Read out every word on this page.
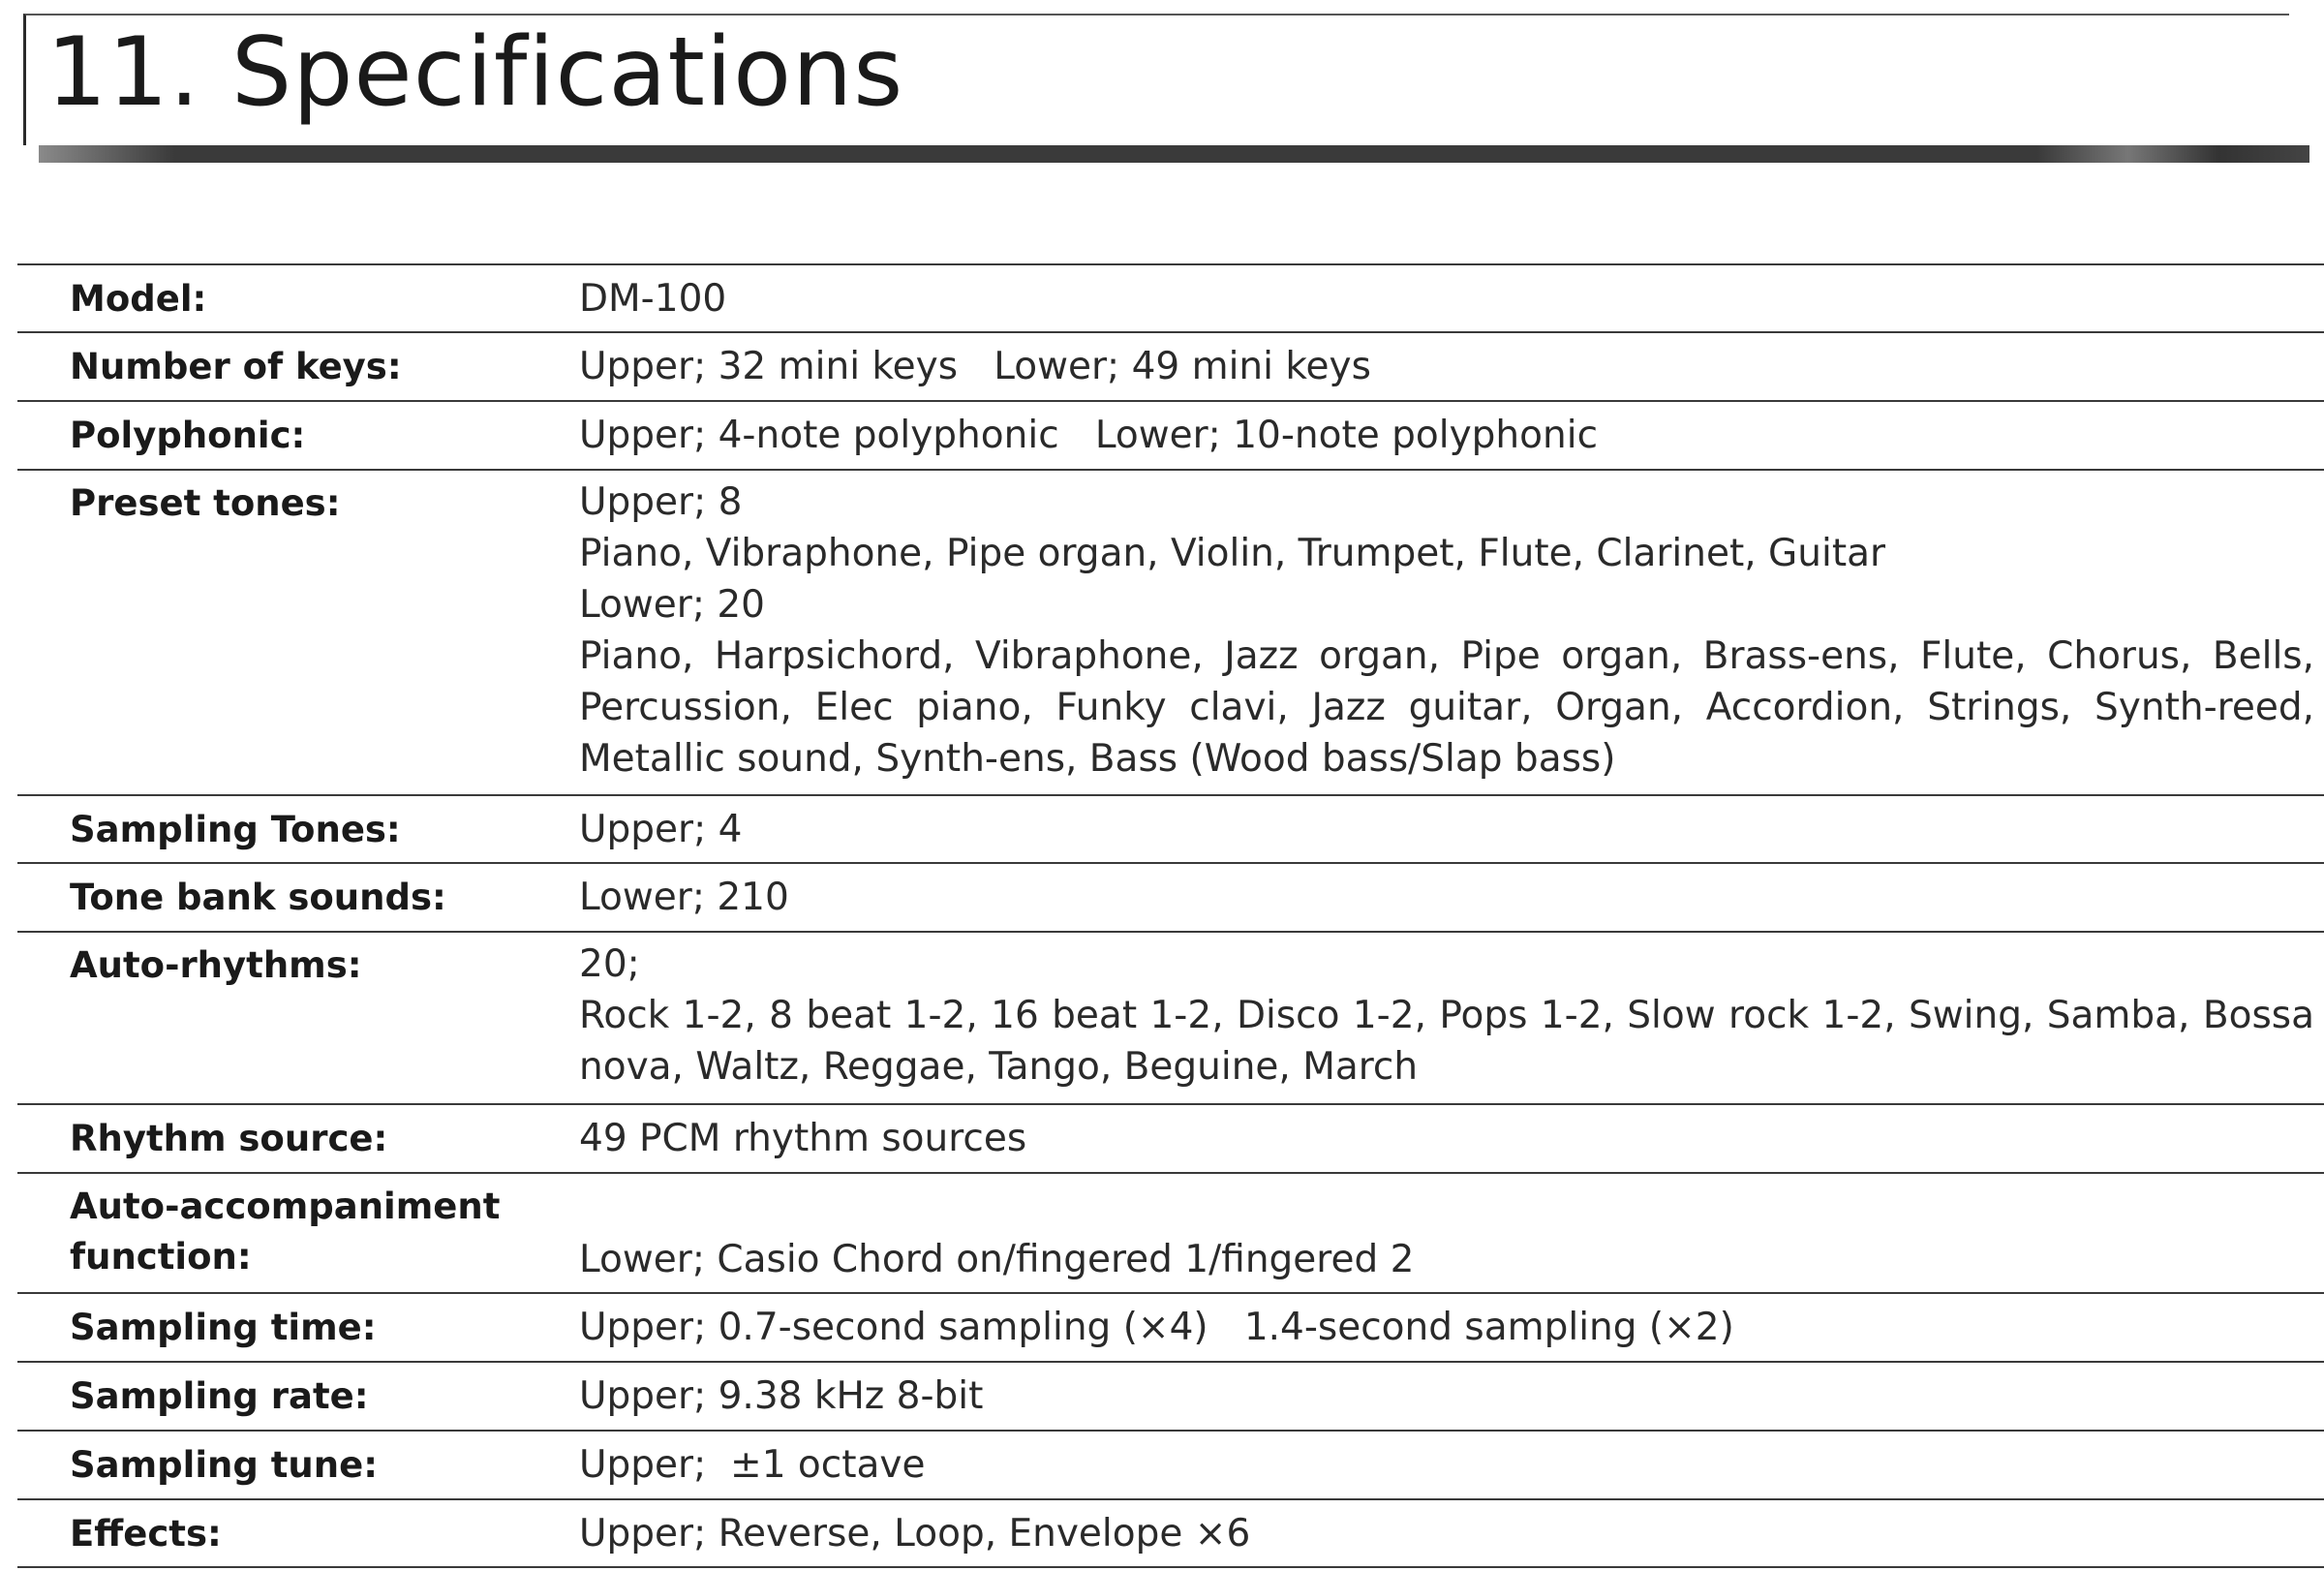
11. Specifications
Model:	DM-100
Number of keys:	Upper; 32 mini keys   Lower; 49 mini keys
Polyphonic:	Upper; 4-note polyphonic   Lower; 10-note polyphonic
Preset tones:	Upper; 8
Piano, Vibraphone, Pipe organ, Violin, Trumpet, Flute, Clarinet, Guitar
Lower; 20
Piano, Harpsichord, Vibraphone, Jazz organ, Pipe organ, Brass-ens, Flute, Chorus, Bells, Percussion, Elec piano, Funky clavi, Jazz guitar, Organ, Accordion, Strings, Synth-reed, Metallic sound, Synth-ens, Bass (Wood bass/Slap bass)
Sampling Tones:	Upper; 4
Tone bank sounds:	Lower; 210
Auto-rhythms:	20;
Rock 1-2, 8 beat 1-2, 16 beat 1-2, Disco 1-2, Pops 1-2, Slow rock 1-2, Swing, Samba, Bossa nova, Waltz, Reggae, Tango, Beguine, March
Rhythm source:	49 PCM rhythm sources
Auto-accompaniment
function:	Lower; Casio Chord on/fingered 1/fingered 2
Sampling time:	Upper; 0.7-second sampling (×4)   1.4-second sampling (×2)
Sampling rate:	Upper; 9.38 kHz 8-bit
Sampling tune:	Upper;  ±1 octave
Effects:	Upper; Reverse, Loop, Envelope ×6
